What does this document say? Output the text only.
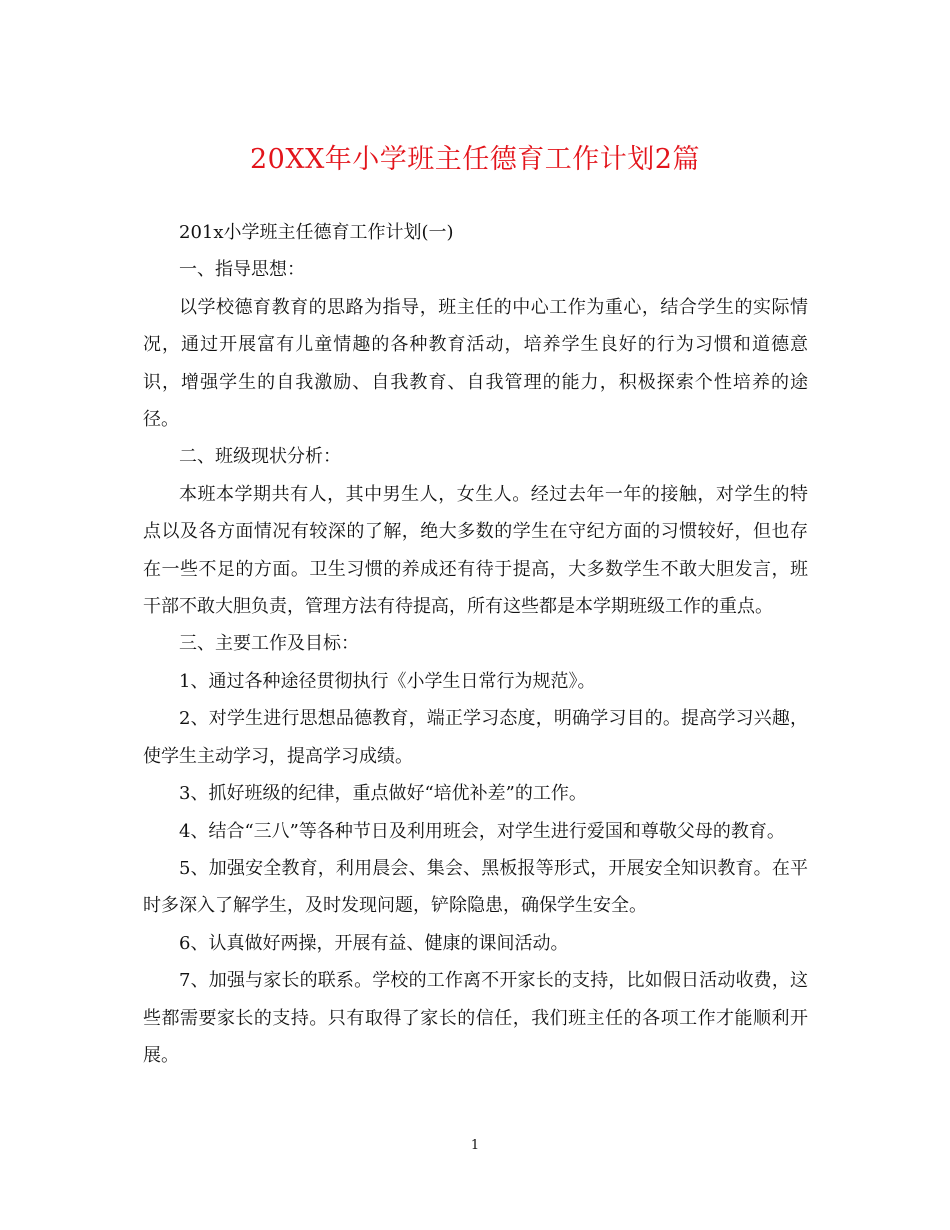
20XX年小学班主任德育工作计划2篇

201x小学班主任德育工作计划(一)

一、指导思想：

以学校德育教育的思路为指导，班主任的中心工作为重心，结合学生的实际情况，通过开展富有儿童情趣的各种教育活动，培养学生良好的行为习惯和道德意识，增强学生的自我激励、自我教育、自我管理的能力，积极探索个性培养的途径。

二、班级现状分析：

本班本学期共有人，其中男生人，女生人。经过去年一年的接触，对学生的特点以及各方面情况有较深的了解，绝大多数的学生在守纪方面的习惯较好，但也存在一些不足的方面。卫生习惯的养成还有待于提高，大多数学生不敢大胆发言，班干部不敢大胆负责，管理方法有待提高，所有这些都是本学期班级工作的重点。

三、主要工作及目标：

1、通过各种途径贯彻执行《小学生日常行为规范》。

2、对学生进行思想品德教育，端正学习态度，明确学习目的。提高学习兴趣，使学生主动学习，提高学习成绩。

3、抓好班级的纪律，重点做好“培优补差”的工作。

4、结合“三八”等各种节日及利用班会，对学生进行爱国和尊敬父母的教育。

5、加强安全教育，利用晨会、集会、黑板报等形式，开展安全知识教育。在平时多深入了解学生，及时发现问题，铲除隐患，确保学生安全。

6、认真做好两操，开展有益、健康的课间活动。

7、加强与家长的联系。学校的工作离不开家长的支持，比如假日活动收费，这些都需要家长的支持。只有取得了家长的信任，我们班主任的各项工作才能顺利开展。

1
